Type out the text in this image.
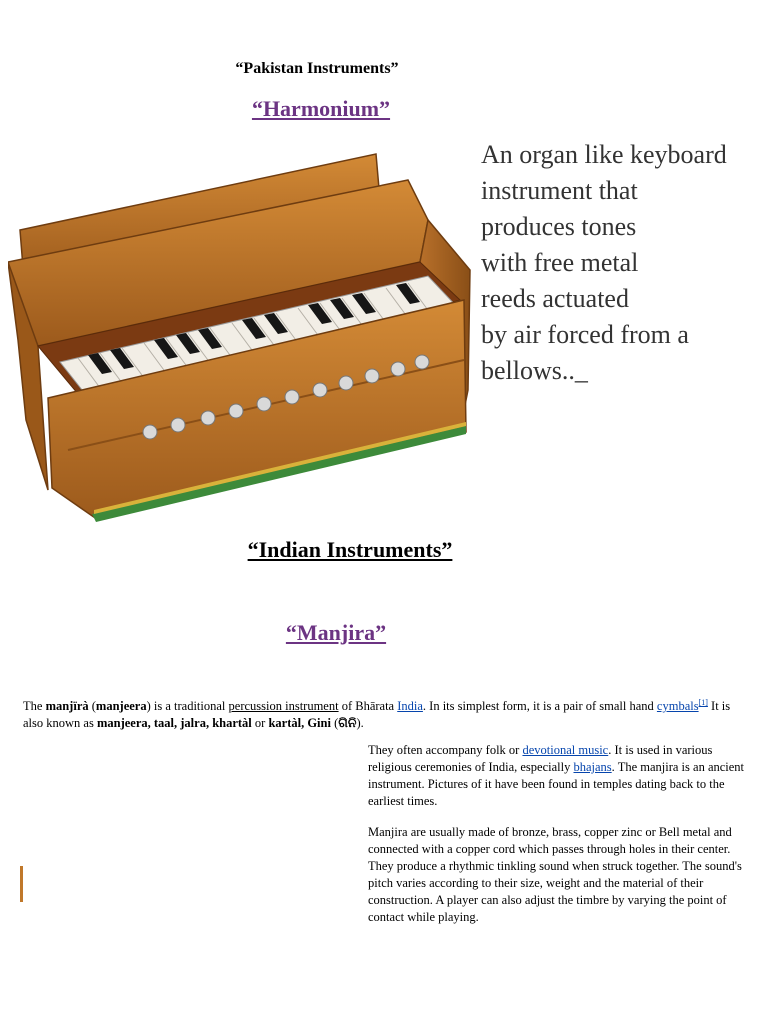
“Pakistan Instruments”
“Harmonium”
An organ like keyboard
instrument that
produces tones
with free metal
reeds actuated
by air forced from a
bellows.._
“Indian Instruments”
“Manjira”
The manjïrà (manjeera) is a traditional percussion instrument of Bhārata India. In its simplest form, it is a pair of small hand cymbals[1] It is also known as manjeera, taal, jalra, khartàl or kartàl, Gini (ଗିନି).

They often accompany folk or devotional music. It is used in various religious ceremonies of India, especially bhajans. The manjira is an ancient instrument. Pictures of it have been found in temples dating back to the earliest times.

Manjira are usually made of bronze, brass, copper zinc or Bell metal and connected with a copper cord which passes through holes in their center. They produce a rhythmic tinkling sound when struck together. The sound's pitch varies according to their size, weight and the material of their construction. A player can also adjust the timbre by varying the point of contact while playing.
